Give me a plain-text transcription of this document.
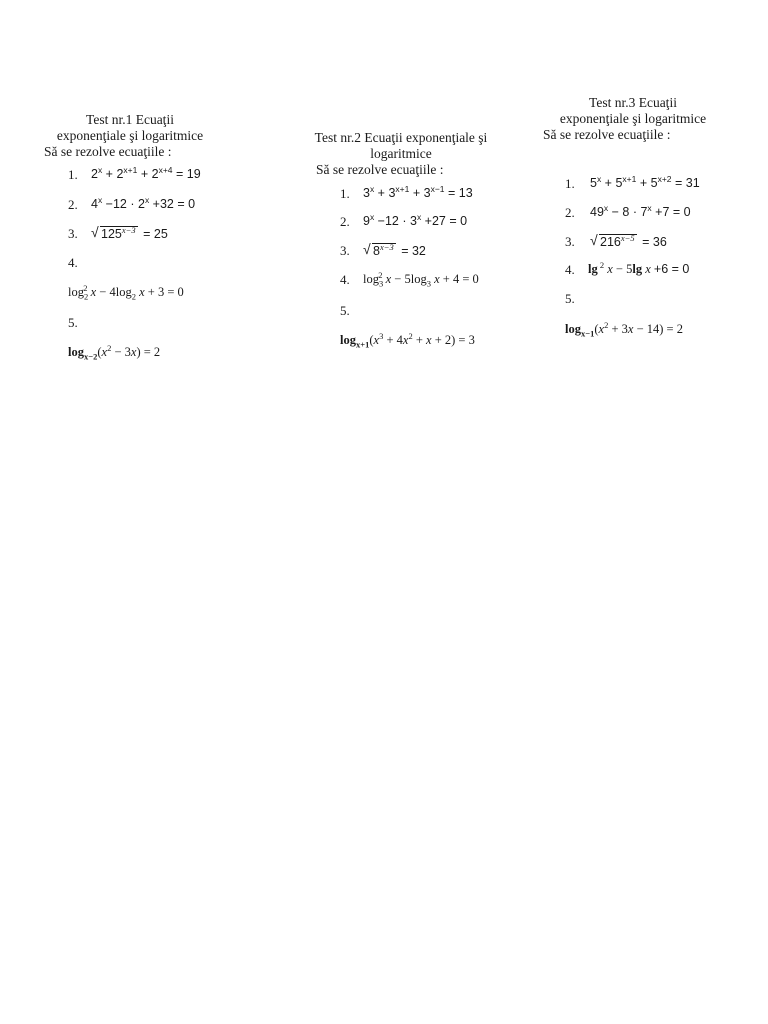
Test nr.1 Ecuaţii
exponenţiale şi logaritmice
Să se rezolve ecuaţiile :
1. $2^x + 2^{x+1} + 2^{x+4} = 19$
2. $4^x -12 \cdot 2^x +32 = 0$
3. √ $125^{x-3} = 25$
4.
$\log_2^2 x - 4\log_2$ x + 3 = 0
5.
$\log_{x-2}(x^2 - 3x) = 2$
Test nr.2 Ecuaţii exponenţiale şi
logaritmice
Să se rezolve ecuaţiile :
1. $3^x + 3^{x+1} + 3^{x-1} = 13$
2. $9^x -12 \cdot 3^x +27 = 0$
3. √ $8^{x-3} = 32$
4. $\log_3^2 x - 5\log_3$ x + 4 = 0
5.
$\log_{x+1}(x^3 + 4x^2 + x + 2) = 3$
Test nr.3 Ecuaţii
exponenţiale şi logaritmice
Să se rezolve ecuaţiile :
1. $5^x + 5^{x+1} + 5^{x+2} = 31$
2. $49^x - 8 \cdot 7^x +7 = 0$
3. √ $216^{x-5} = 36$
4. lg $^2$ x − 5lg x +6 = 0
5.
$\log_{x-1}(x^2 + 3x - 14) = 2$
